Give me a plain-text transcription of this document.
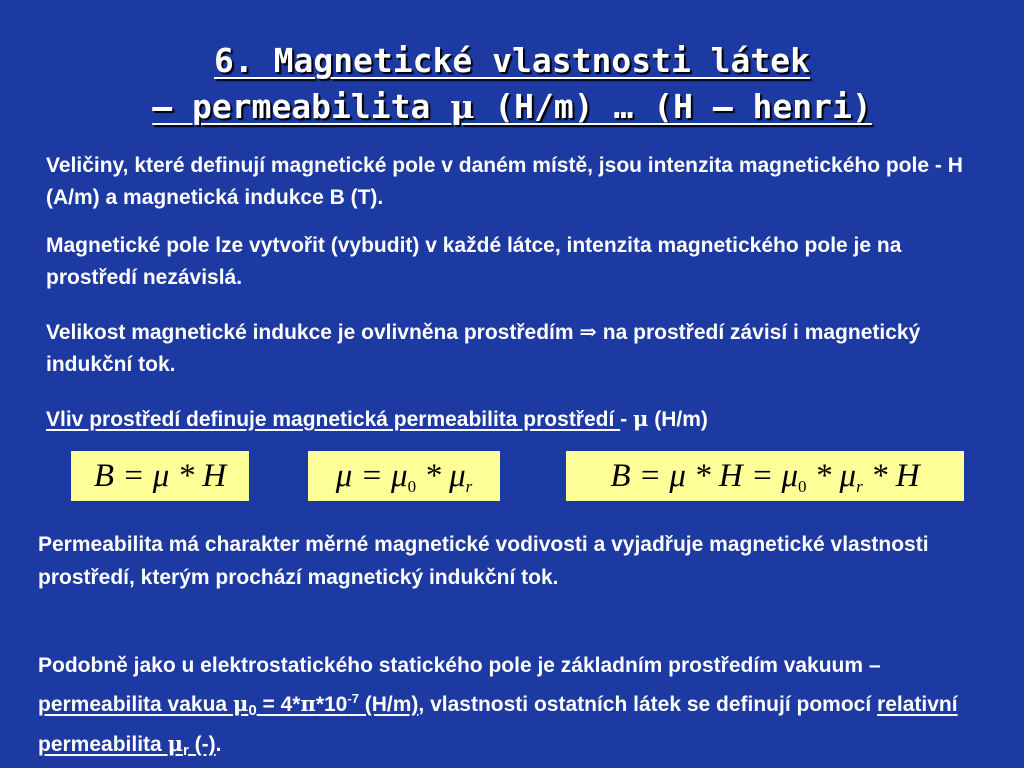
6. Magnetické vlastnosti látek
– permeabilita μ (H/m) … (H – henri)
Veličiny, které definují magnetické pole v daném místě, jsou intenzita magnetického pole - H (A/m) a magnetická indukce B (T).
Magnetické pole lze vytvořit (vybudit) v každé látce, intenzita magnetického pole je na prostředí nezávislá.
Velikost magnetické indukce je ovlivněna prostředím ⇒ na prostředí závisí i magnetický indukční tok.
Vliv prostředí definuje magnetická permeabilita prostředí - μ (H/m)
B = μ * H	$\mu = \mu_0 * \mu_r$	$B = \mu * H = \mu_0 * \mu_r * H$
Permeabilita má charakter měrné magnetické vodivosti a vyjadřuje magnetické vlastnosti prostředí, kterým prochází magnetický indukční tok.
Podobně jako u elektrostatického statického pole je základním prostředím vakuum – permeabilita vakua $\mu_0 = 4*\pi*10^{-7}$ (H/m), vlastnosti ostatních látek se definují pomocí relativní permeabilita $\mu_r$ (-).
